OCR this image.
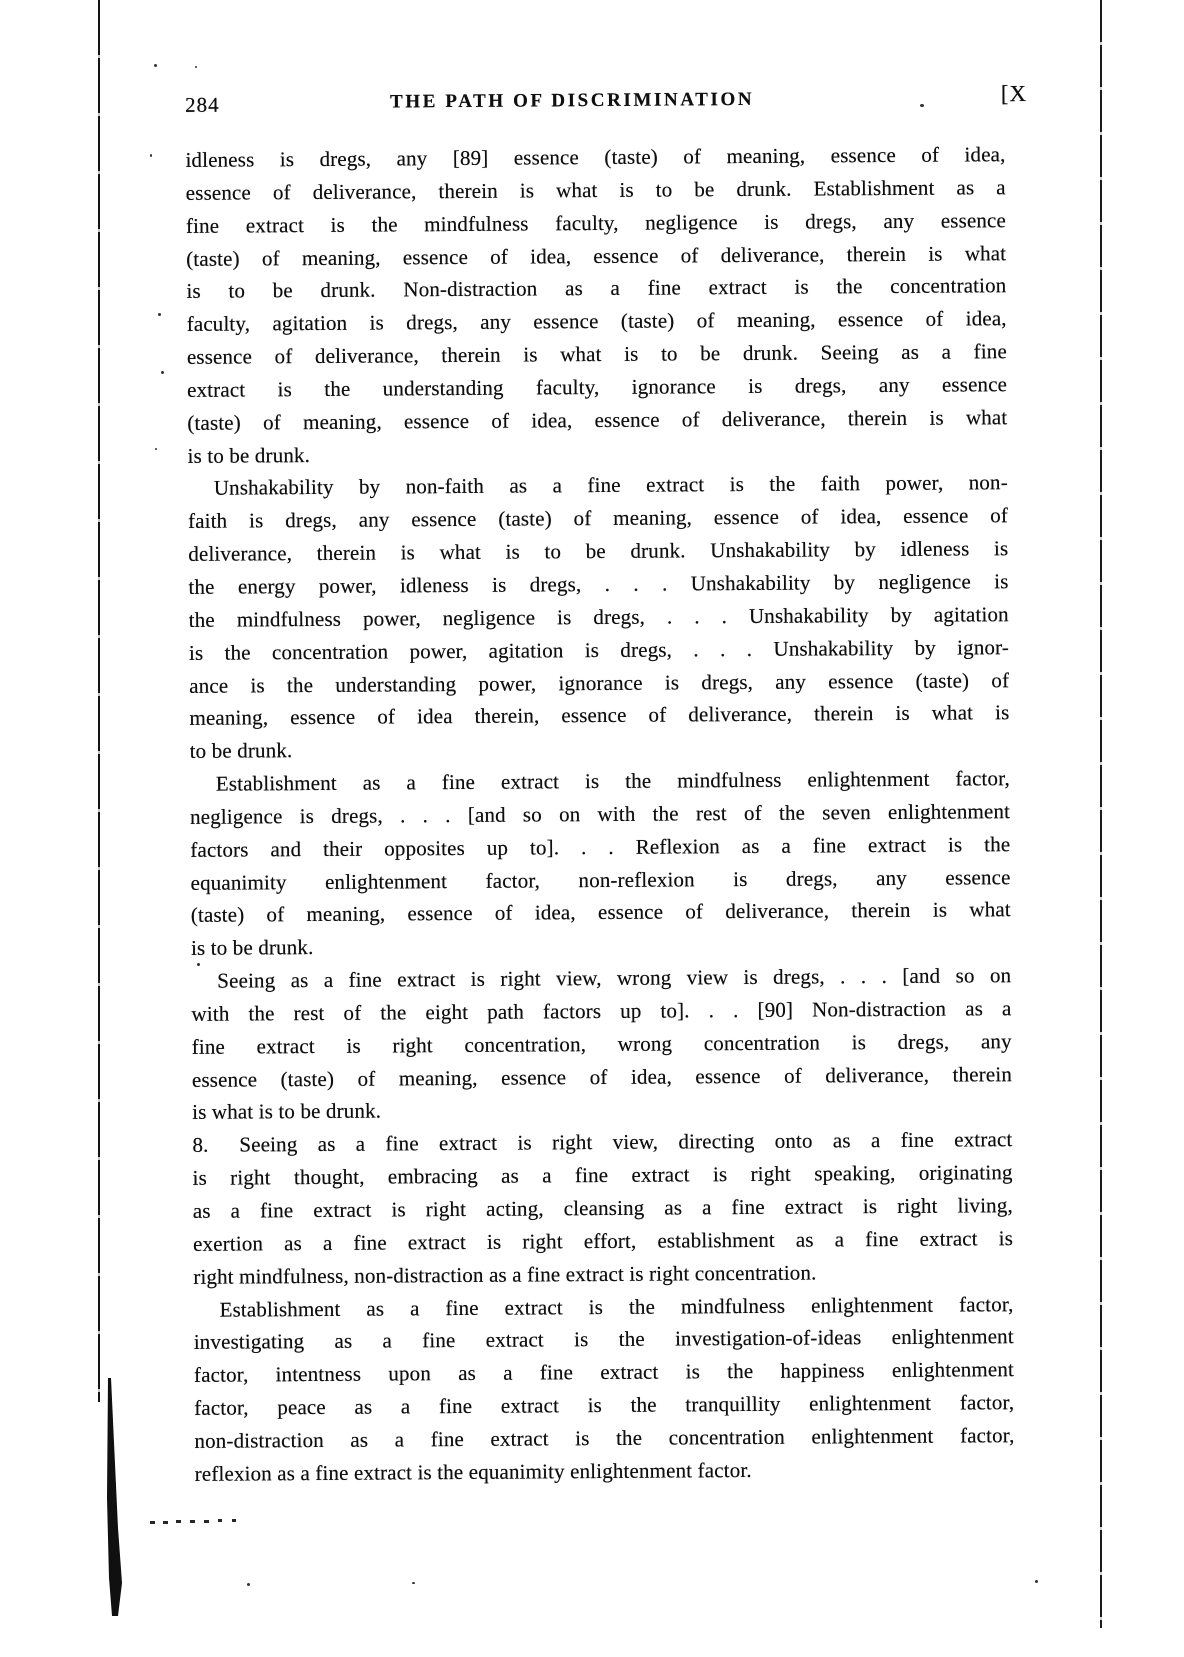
284	THE PATH OF DISCRIMINATION	[X
idleness is dregs, any [89] essence (taste) of meaning, essence of idea,
essence of deliverance, therein is what is to be drunk. Establishment as a
fine extract is the mindfulness faculty, negligence is dregs, any essence
(taste) of meaning, essence of idea, essence of deliverance, therein is what
is to be drunk. Non-distraction as a fine extract is the concentration
faculty, agitation is dregs, any essence (taste) of meaning, essence of idea,
essence of deliverance, therein is what is to be drunk. Seeing as a fine
extract is the understanding faculty, ignorance is dregs, any essence
(taste) of meaning, essence of idea, essence of deliverance, therein is what
is to be drunk.
Unshakability by non-faith as a fine extract is the faith power, non-
faith is dregs, any essence (taste) of meaning, essence of idea, essence of
deliverance, therein is what is to be drunk. Unshakability by idleness is
the energy power, idleness is dregs, . . . Unshakability by negligence is
the mindfulness power, negligence is dregs, . . . Unshakability by agitation
is the concentration power, agitation is dregs, . . . Unshakability by ignor-
ance is the understanding power, ignorance is dregs, any essence (taste) of
meaning, essence of idea therein, essence of deliverance, therein is what is
to be drunk.
Establishment as a fine extract is the mindfulness enlightenment factor,
negligence is dregs, . . . [and so on with the rest of the seven enlightenment
factors and their opposites up to]. . . Reflexion as a fine extract is the
equanimity enlightenment factor, non-reflexion is dregs, any essence
(taste) of meaning, essence of idea, essence of deliverance, therein is what
is to be drunk.
Seeing as a fine extract is right view, wrong view is dregs, . . . [and so on
with the rest of the eight path factors up to]. . . [90] Non-distraction as a
fine extract is right concentration, wrong concentration is dregs, any
essence (taste) of meaning, essence of idea, essence of deliverance, therein
is what is to be drunk.
8.  Seeing as a fine extract is right view, directing onto as a fine extract
is right thought, embracing as a fine extract is right speaking, originating
as a fine extract is right acting, cleansing as a fine extract is right living,
exertion as a fine extract is right effort, establishment as a fine extract is
right mindfulness, non-distraction as a fine extract is right concentration.
Establishment as a fine extract is the mindfulness enlightenment factor,
investigating as a fine extract is the investigation-of-ideas enlightenment
factor, intentness upon as a fine extract is the happiness enlightenment
factor, peace as a fine extract is the tranquillity enlightenment factor,
non-distraction as a fine extract is the concentration enlightenment factor,
reflexion as a fine extract is the equanimity enlightenment factor.
